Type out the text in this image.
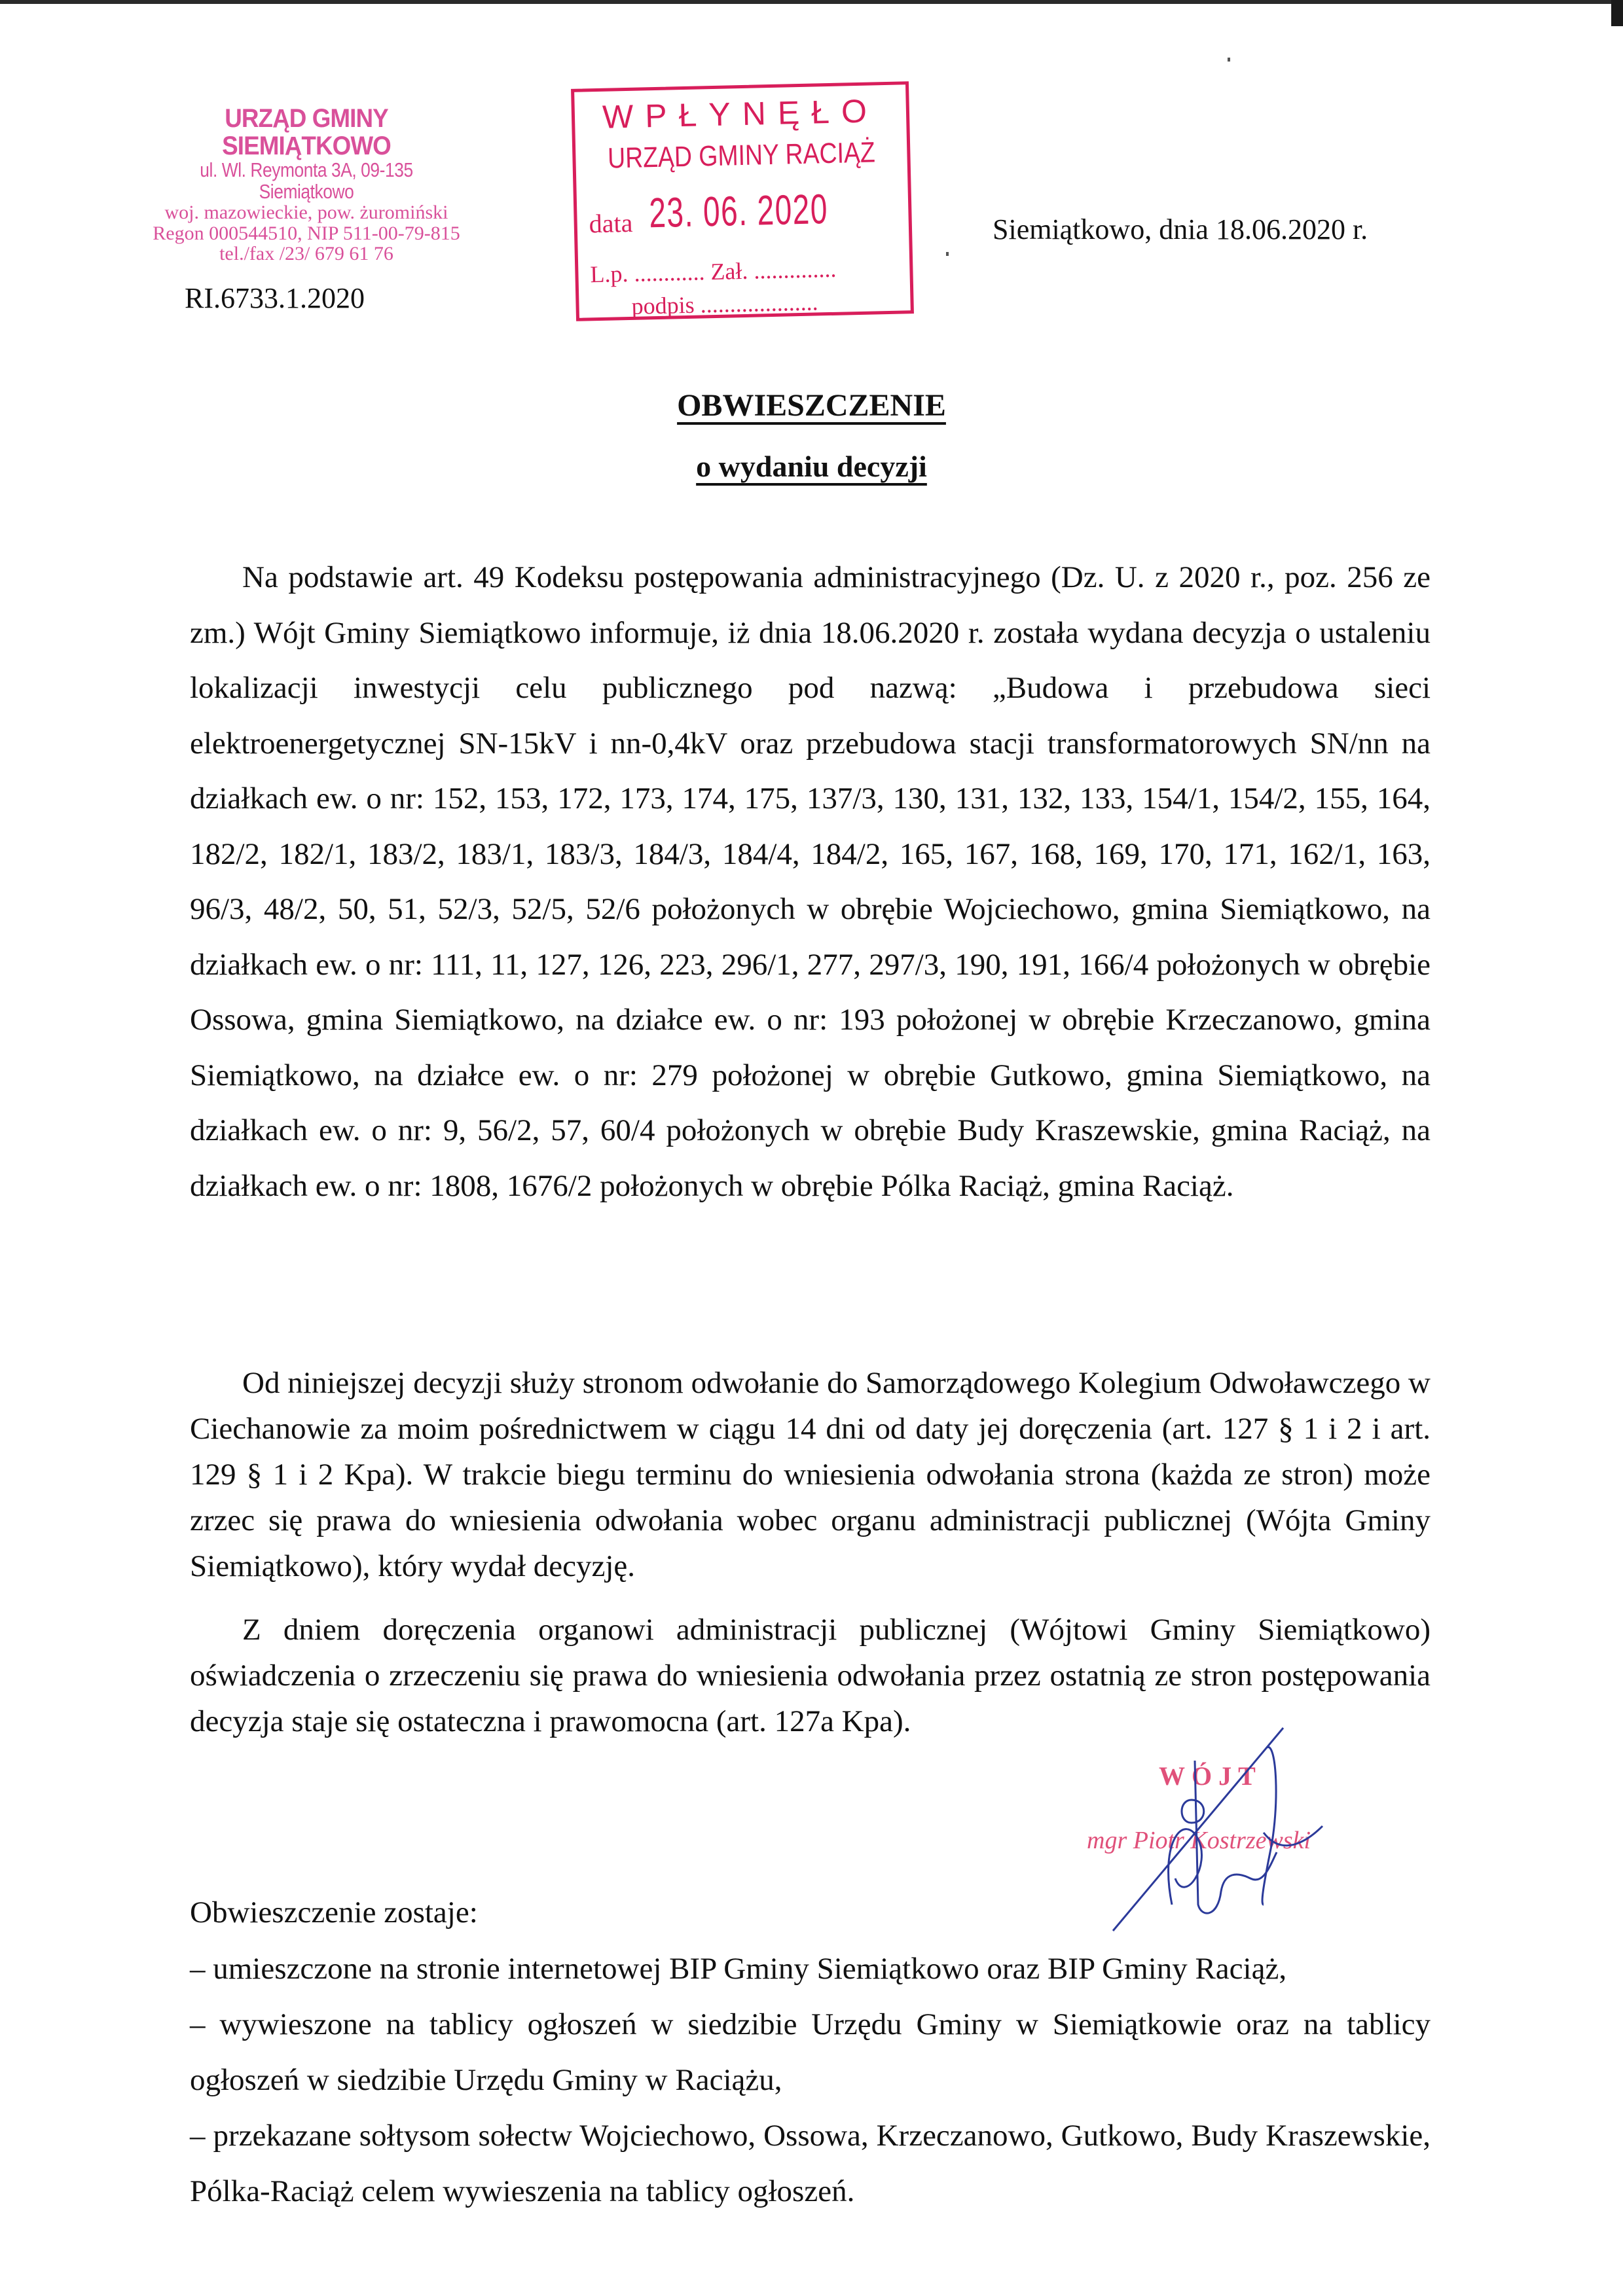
URZĄD GMINY SIEMIĄTKOWO
ul. Wl. Reymonta 3A, 09-135 Siemiątkowo
woj. mazowieckie, pow. żuromiński
Regon 000544510, NIP 511-00-79-815
tel./fax /23/ 679 61 76
WPŁYNĘŁO
URZĄD GMINY RACIĄŻ
data 23. 06. 2020
L.p. ............ Zał. ..............
podpis ....................
RI.6733.1.2020
Siemiątkowo, dnia 18.06.2020 r.
OBWIESZCZENIE
o wydaniu decyzji

Na podstawie art. 49 Kodeksu postępowania administracyjnego (Dz. U. z 2020 r., poz. 256 ze zm.) Wójt Gminy Siemiątkowo informuje, iż dnia 18.06.2020 r. została wydana decyzja o ustaleniu lokalizacji inwestycji celu publicznego pod nazwą: „Budowa i przebudowa sieci elektroenergetycznej SN-15kV i nn-0,4kV oraz przebudowa stacji transformatorowych SN/nn na działkach ew. o nr: 152, 153, 172, 173, 174, 175, 137/3, 130, 131, 132, 133, 154/1, 154/2, 155, 164, 182/2, 182/1, 183/2, 183/1, 183/3, 184/3, 184/4, 184/2, 165, 167, 168, 169, 170, 171, 162/1, 163, 96/3, 48/2, 50, 51, 52/3, 52/5, 52/6 położonych w obrębie Wojciechowo, gmina Siemiątkowo, na działkach ew. o nr: 111, 11, 127, 126, 223, 296/1, 277, 297/3, 190, 191, 166/4 położonych w obrębie Ossowa, gmina Siemiątkowo, na działce ew. o nr: 193 położonej w obrębie Krzeczanowo, gmina Siemiątkowo, na działce ew. o nr: 279 położonej w obrębie Gutkowo, gmina Siemiątkowo, na działkach ew. o nr: 9, 56/2, 57, 60/4 położonych w obrębie Budy Kraszewskie, gmina Raciąż, na działkach ew. o nr: 1808, 1676/2 położonych w obrębie Pólka Raciąż, gmina Raciąż.

Od niniejszej decyzji służy stronom odwołanie do Samorządowego Kolegium Odwoławczego w Ciechanowie za moim pośrednictwem w ciągu 14 dni od daty jej doręczenia (art. 127 § 1 i 2 i art. 129 § 1 i 2 Kpa). W trakcie biegu terminu do wniesienia odwołania strona (każda ze stron) może zrzec się prawa do wniesienia odwołania wobec organu administracji publicznej (Wójta Gminy Siemiątkowo), który wydał decyzję.

Z dniem doręczenia organowi administracji publicznej (Wójtowi Gminy Siemiątkowo) oświadczenia o zrzeczeniu się prawa do wniesienia odwołania przez ostatnią ze stron postępowania decyzja staje się ostateczna i prawomocna (art. 127a Kpa).

WÓJT
mgr Piotr Kostrzewski
Obwieszczenie zostaje:

– umieszczone na stronie internetowej BIP Gminy Siemiątkowo oraz BIP Gminy Raciąż,

– wywieszone na tablicy ogłoszeń w siedzibie Urzędu Gminy w Siemiątkowie oraz na tablicy ogłoszeń w siedzibie Urzędu Gminy w Raciążu,

– przekazane sołtysom sołectw Wojciechowo, Ossowa, Krzeczanowo, Gutkowo, Budy Kraszewskie, Pólka-Raciąż celem wywieszenia na tablicy ogłoszeń.
